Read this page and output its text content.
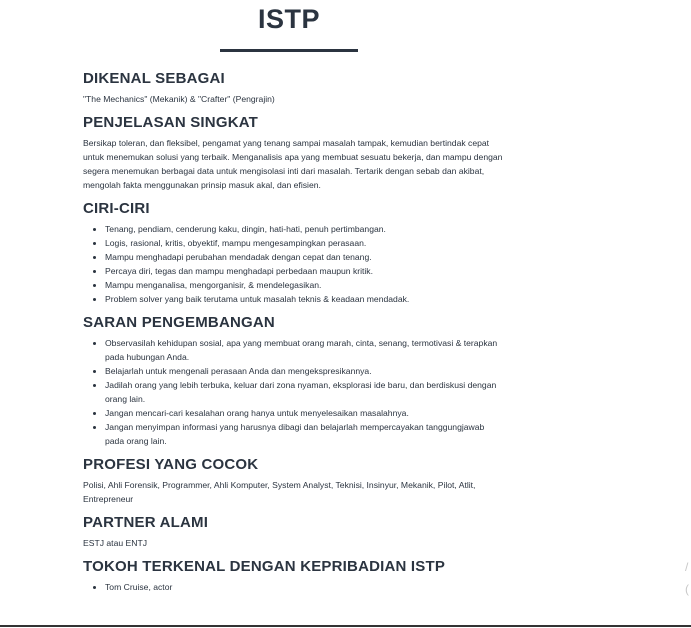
ISTP
DIKENAL SEBAGAI

"The Mechanics" (Mekanik) & "Crafter" (Pengrajin)

PENJELASAN SINGKAT

Bersikap toleran, dan fleksibel, pengamat yang tenang sampai masalah tampak, kemudian bertindak cepat untuk menemukan solusi yang terbaik. Menganalisis apa yang membuat sesuatu bekerja, dan mampu dengan segera menemukan berbagai data untuk mengisolasi inti dari masalah. Tertarik dengan sebab dan akibat, mengolah fakta menggunakan prinsip masuk akal, dan efisien.

CIRI-CIRI
• Tenang, pendiam, cenderung kaku, dingin, hati-hati, penuh pertimbangan.
• Logis, rasional, kritis, obyektif, mampu mengesampingkan perasaan.
• Mampu menghadapi perubahan mendadak dengan cepat dan tenang.
• Percaya diri, tegas dan mampu menghadapi perbedaan maupun kritik.
• Mampu menganalisa, mengorganisir, & mendelegasikan.
• Problem solver yang baik terutama untuk masalah teknis & keadaan mendadak.
SARAN PENGEMBANGAN
• Observasilah kehidupan sosial, apa yang membuat orang marah, cinta, senang, termotivasi & terapkan pada hubungan Anda.
• Belajarlah untuk mengenali perasaan Anda dan mengekspresikannya.
• Jadilah orang yang lebih terbuka, keluar dari zona nyaman, eksplorasi ide baru, dan berdiskusi dengan orang lain.
• Jangan mencari-cari kesalahan orang hanya untuk menyelesaikan masalahnya.
• Jangan menyimpan informasi yang harusnya dibagi dan belajarlah mempercayakan tanggungjawab pada orang lain.
PROFESI YANG COCOK

Polisi, Ahli Forensik, Programmer, Ahli Komputer, System Analyst, Teknisi, Insinyur, Mekanik, Pilot, Atlit, Entrepreneur

PARTNER ALAMI

ESTJ atau ENTJ

TOKOH TERKENAL DENGAN KEPRIBADIAN ISTP
• Tom Cruise, actor
/
(
